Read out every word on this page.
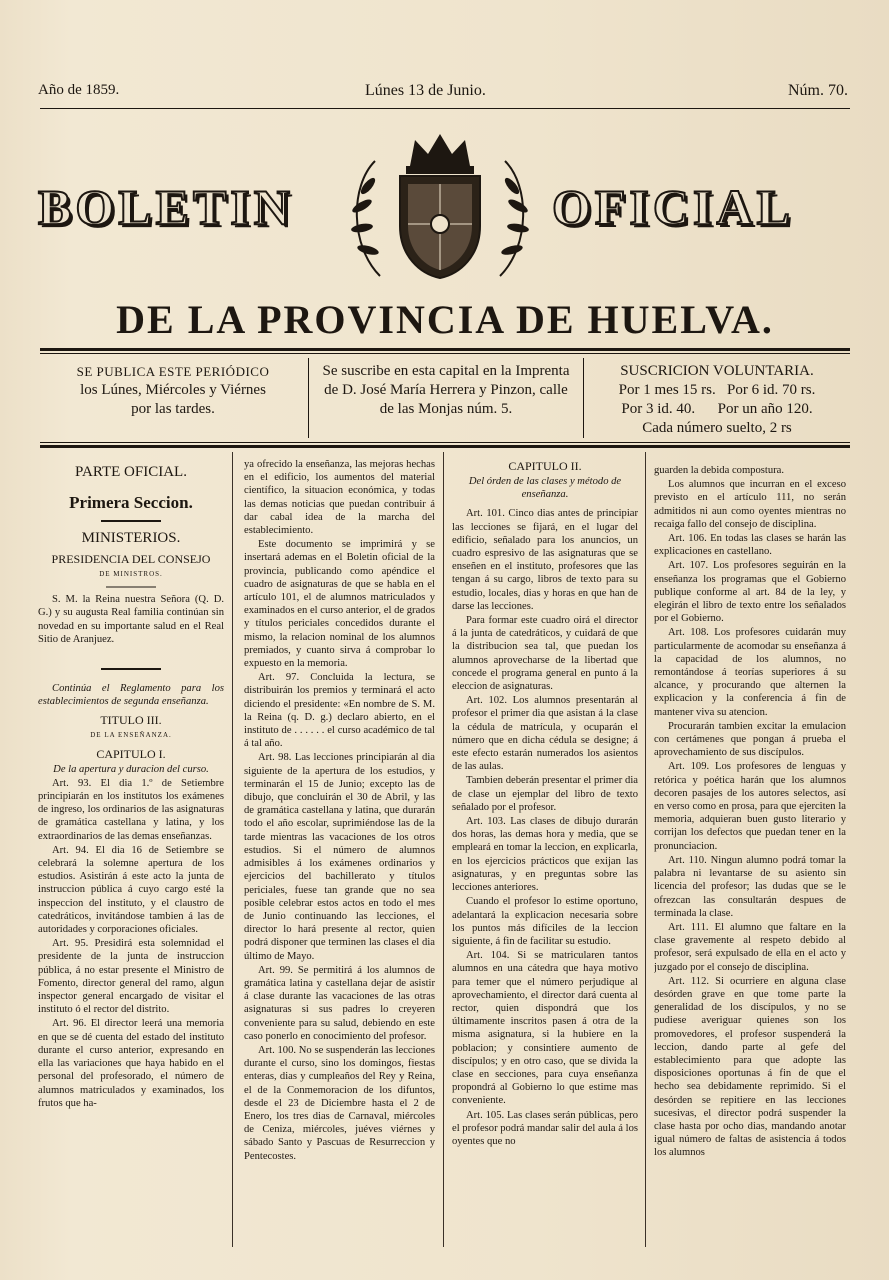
Año de 1859.	Lúnes 13 de Junio.	Núm. 70.
BOLETIN	OFICIAL
DE LA PROVINCIA DE HUELVA.
SE PUBLICA ESTE PERIÓDICO
los Lúnes, Miércoles y Viérnes
por las tardes.
Se suscribe en esta capital en la Imprenta
de D. José María Herrera y Pinzon, calle
de las Monjas núm. 5.
SUSCRICION VOLUNTARIA.
Por 1 mes 15 rs.   Por 6 id. 70 rs.
Por 3 id. 40.      Por un año 120.
Cada número suelto, 2 rs

PARTE OFICIAL.

Primera Seccion.

MINISTERIOS.

PRESIDENCIA DEL CONSEJO

DE MINISTROS.

S. M. la Reina nuestra Señora (Q. D. G.) y su augusta Real familia continúan sin novedad en su importante salud en el Real Sitio de Aranjuez.

Continúa el Reglamento para los establecimientos de segunda enseñanza.

TITULO III.

DE LA ENSEÑANZA.

CAPITULO I.

De la apertura y duracion del curso.

Art. 93. El dia 1.º de Setiembre principiarán en los institutos los exámenes de ingreso, los ordinarios de las asignaturas de gramática castellana y latina, y los extraordinarios de las demas enseñanzas.

Art. 94. El dia 16 de Setiembre se celebrará la solemne apertura de los estudios. Asistirán á este acto la junta de instruccion pública á cuyo cargo esté la inspeccion del instituto, y el claustro de catedráticos, invitándose tambien á las de autoridades y corporaciones oficiales.

Art. 95. Presidirá esta solemnidad el presidente de la junta de instruccion pública, á no estar presente el Ministro de Fomento, director general del ramo, algun inspector general encargado de visitar el instituto ó el rector del distrito.

Art. 96. El director leerá una memoria en que se dé cuenta del estado del instituto durante el curso anterior, expresando en ella las variaciones que haya habido en el personal del profesorado, el número de alumnos matriculados y examinados, los frutos que ha-

ya ofrecido la enseñanza, las mejoras hechas en el edificio, los aumentos del material científico, la situacion económica, y todas las demas noticias que puedan contribuir á dar cabal idea de la marcha del establecimiento.

Este documento se imprimirá y se insertará ademas en el Boletin oficial de la provincia, publicando como apéndice el cuadro de asignaturas de que se habla en el artículo 101, el de alumnos matriculados y examinados en el curso anterior, el de grados y títulos periciales concedidos durante el mismo, la relacion nominal de los alumnos premiados, y cuanto sirva á comprobar lo expuesto en la memoria.

Art. 97. Concluida la lectura, se distribuirán los premios y terminará el acto diciendo el presidente: «En nombre de S. M. la Reina (q. D. g.) declaro abierto, en el instituto de . . . . . . el curso académico de tal á tal año.

Art. 98. Las lecciones principiarán al dia siguiente de la apertura de los estudios, y terminarán el 15 de Junio; excepto las de dibujo, que concluirán el 30 de Abril, y las de gramática castellana y latina, que durarán todo el año escolar, suprimiéndose las de la tarde mientras las vacaciones de los otros estudios. Si el número de alumnos admisibles á los exámenes ordinarios y ejercicios del bachillerato y títulos periciales, fuese tan grande que no sea posible celebrar estos actos en todo el mes de Junio continuando las lecciones, el director lo hará presente al rector, quien podrá disponer que terminen las clases el dia último de Mayo.

Art. 99. Se permitirá á los alumnos de gramática latina y castellana dejar de asistir á clase durante las vacaciones de las otras asignaturas si sus padres lo creyeren conveniente para su salud, debiendo en este caso ponerlo en conocimiento del profesor.

Art. 100. No se suspenderán las lecciones durante el curso, sino los domingos, fiestas enteras, dias y cumpleaños del Rey y Reina, el de la Conmemoracion de los difuntos, desde el 23 de Diciembre hasta el 2 de Enero, los tres dias de Carnaval, miércoles de Ceniza, miércoles, juéves viérnes y sábado Santo y Pascuas de Resurreccion y Pentecostes.

CAPITULO II.

Del órden de las clases y método de enseñanza.

Art. 101. Cinco dias antes de principiar las lecciones se fijará, en el lugar del edificio, señalado para los anuncios, un cuadro espresivo de las asignaturas que se enseñen en el instituto, profesores que las tengan á su cargo, libros de texto para su estudio, locales, dias y horas en que han de darse las lecciones.

Para formar este cuadro oirá el director á la junta de catedráticos, y cuidará de que la distribucion sea tal, que puedan los alumnos aprovecharse de la libertad que concede el programa general en punto á la eleccion de asignaturas.

Art. 102. Los alumnos presentarán al profesor el primer dia que asistan á la clase la cédula de matrícula, y ocuparán el número que en dicha cédula se designe; á este efecto estarán numerados los asientos de las aulas.

Tambien deberán presentar el primer dia de clase un ejemplar del libro de texto señalado por el profesor.

Art. 103. Las clases de dibujo durarán dos horas, las demas hora y media, que se empleará en tomar la leccion, en explicarla, en los ejercicios prácticos que exijan las asignaturas, y en preguntas sobre las lecciones anteriores.

Cuando el profesor lo estime oportuno, adelantará la explicacion necesaria sobre los puntos más difíciles de la leccion siguiente, á fin de facilitar su estudio.

Art. 104. Si se matricularen tantos alumnos en una cátedra que haya motivo para temer que el número perjudique al aprovechamiento, el director dará cuenta al rector, quien dispondrá que los últimamente inscritos pasen á otra de la misma asignatura, si la hubiere en la poblacion; y consintiere aumento de discípulos; y en otro caso, que se divida la clase en secciones, para cuya enseñanza propondrá al Gobierno lo que estime mas conveniente.

Art. 105. Las clases serán públicas, pero el profesor podrá mandar salir del aula á los oyentes que no

guarden la debida compostura.

Los alumnos que incurran en el exceso previsto en el artículo 111, no serán admitidos ni aun como oyentes mientras no recaiga fallo del consejo de disciplina.

Art. 106. En todas las clases se harán las explicaciones en castellano.

Art. 107. Los profesores seguirán en la enseñanza los programas que el Gobierno publique conforme al art. 84 de la ley, y elegirán el libro de texto entre los señalados por el Gobierno.

Art. 108. Los profesores cuidarán muy particularmente de acomodar su enseñanza á la capacidad de los alumnos, no remontándose á teorías superiores á su alcance, y procurando que alternen la explicacion y la conferencia á fin de mantener viva su atencion.

Procurarán tambien excitar la emulacion con certámenes que pongan á prueba el aprovechamiento de sus discípulos.

Art. 109. Los profesores de lenguas y retórica y poética harán que los alumnos decoren pasajes de los autores selectos, así en verso como en prosa, para que ejerciten la memoria, adquieran buen gusto literario y corrijan los defectos que puedan tener en la pronunciacion.

Art. 110. Ningun alumno podrá tomar la palabra ni levantarse de su asiento sin licencia del profesor; las dudas que se le ofrezcan las consultarán despues de terminada la clase.

Art. 111. El alumno que faltare en la clase gravemente al respeto debido al profesor, será expulsado de ella en el acto y juzgado por el consejo de disciplina.

Art. 112. Si ocurriere en alguna clase desórden grave en que tome parte la generalidad de los discípulos, y no se pudiese averiguar quienes son los promovedores, el profesor suspenderá la leccion, dando parte al gefe del establecimiento para que adopte las disposiciones oportunas á fin de que el hecho sea debidamente reprimido. Si el desórden se repitiere en las lecciones sucesivas, el director podrá suspender la clase hasta por ocho dias, mandando anotar igual número de faltas de asistencia á todos los alumnos
